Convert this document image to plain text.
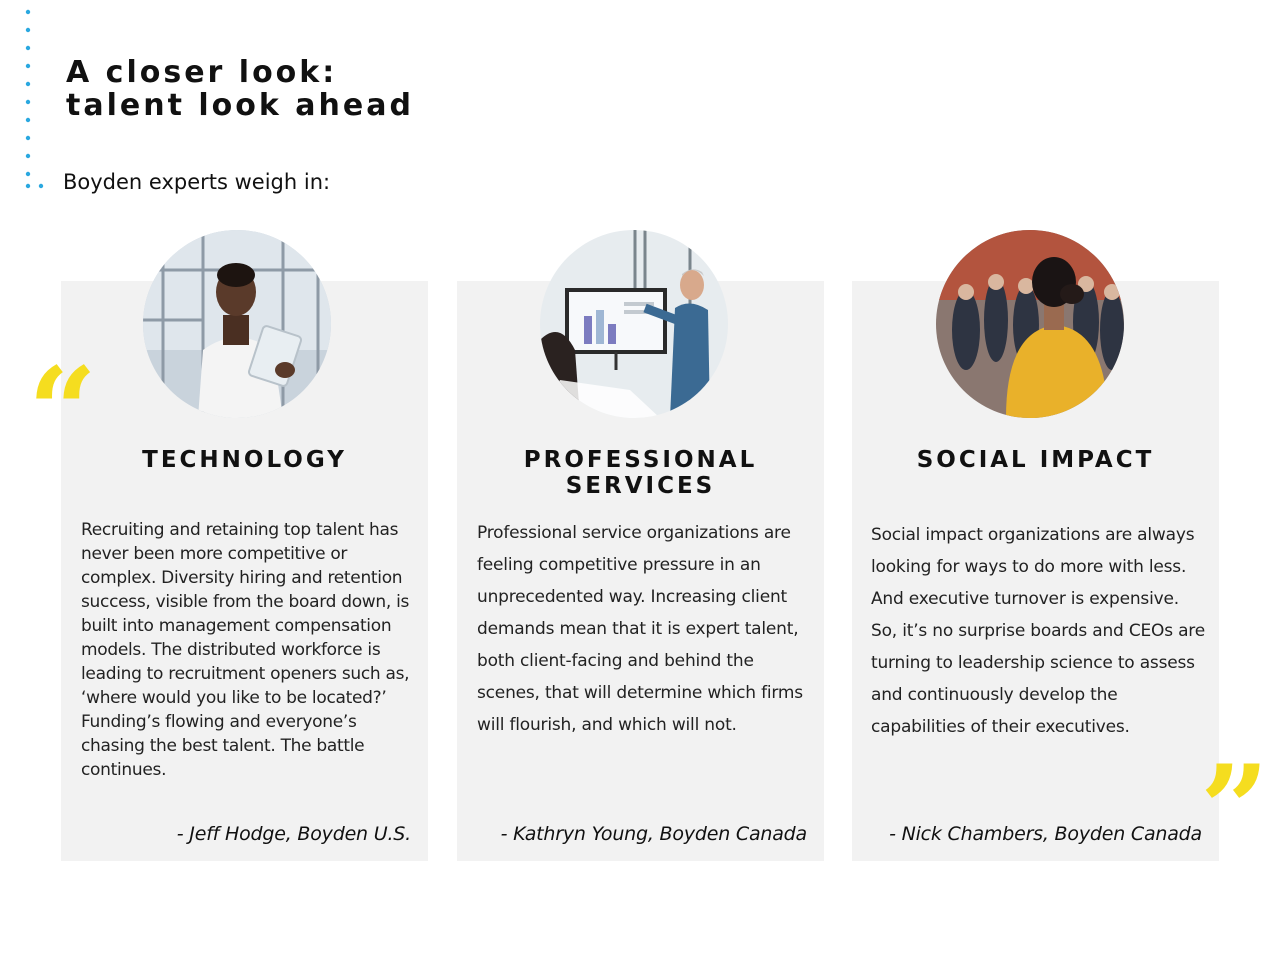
A closer look:
talent look ahead
Boyden experts weigh in:
TECHNOLOGY
Recruiting and retaining top talent has never been more competitive or complex. Diversity hiring and retention success, visible from the board down, is built into management compensation models. The distributed workforce is leading to recruitment openers such as, ‘where would you like to be located?’ Funding’s flowing and everyone’s chasing the best talent. The battle continues.
- Jeff Hodge, Boyden U.S.
PROFESSIONAL SERVICES
Professional service organizations are feeling competitive pressure in an unprecedented way. Increasing client demands mean that it is expert talent, both client-facing and behind the scenes, that will determine which firms will flourish, and which will not.
- Kathryn Young, Boyden Canada
SOCIAL IMPACT
Social impact organizations are always looking for ways to do more with less. And executive turnover is expensive. So, it’s no surprise boards and CEOs are turning to leadership science to assess and continuously develop the capabilities of their executives.
- Nick Chambers, Boyden Canada
“
”
